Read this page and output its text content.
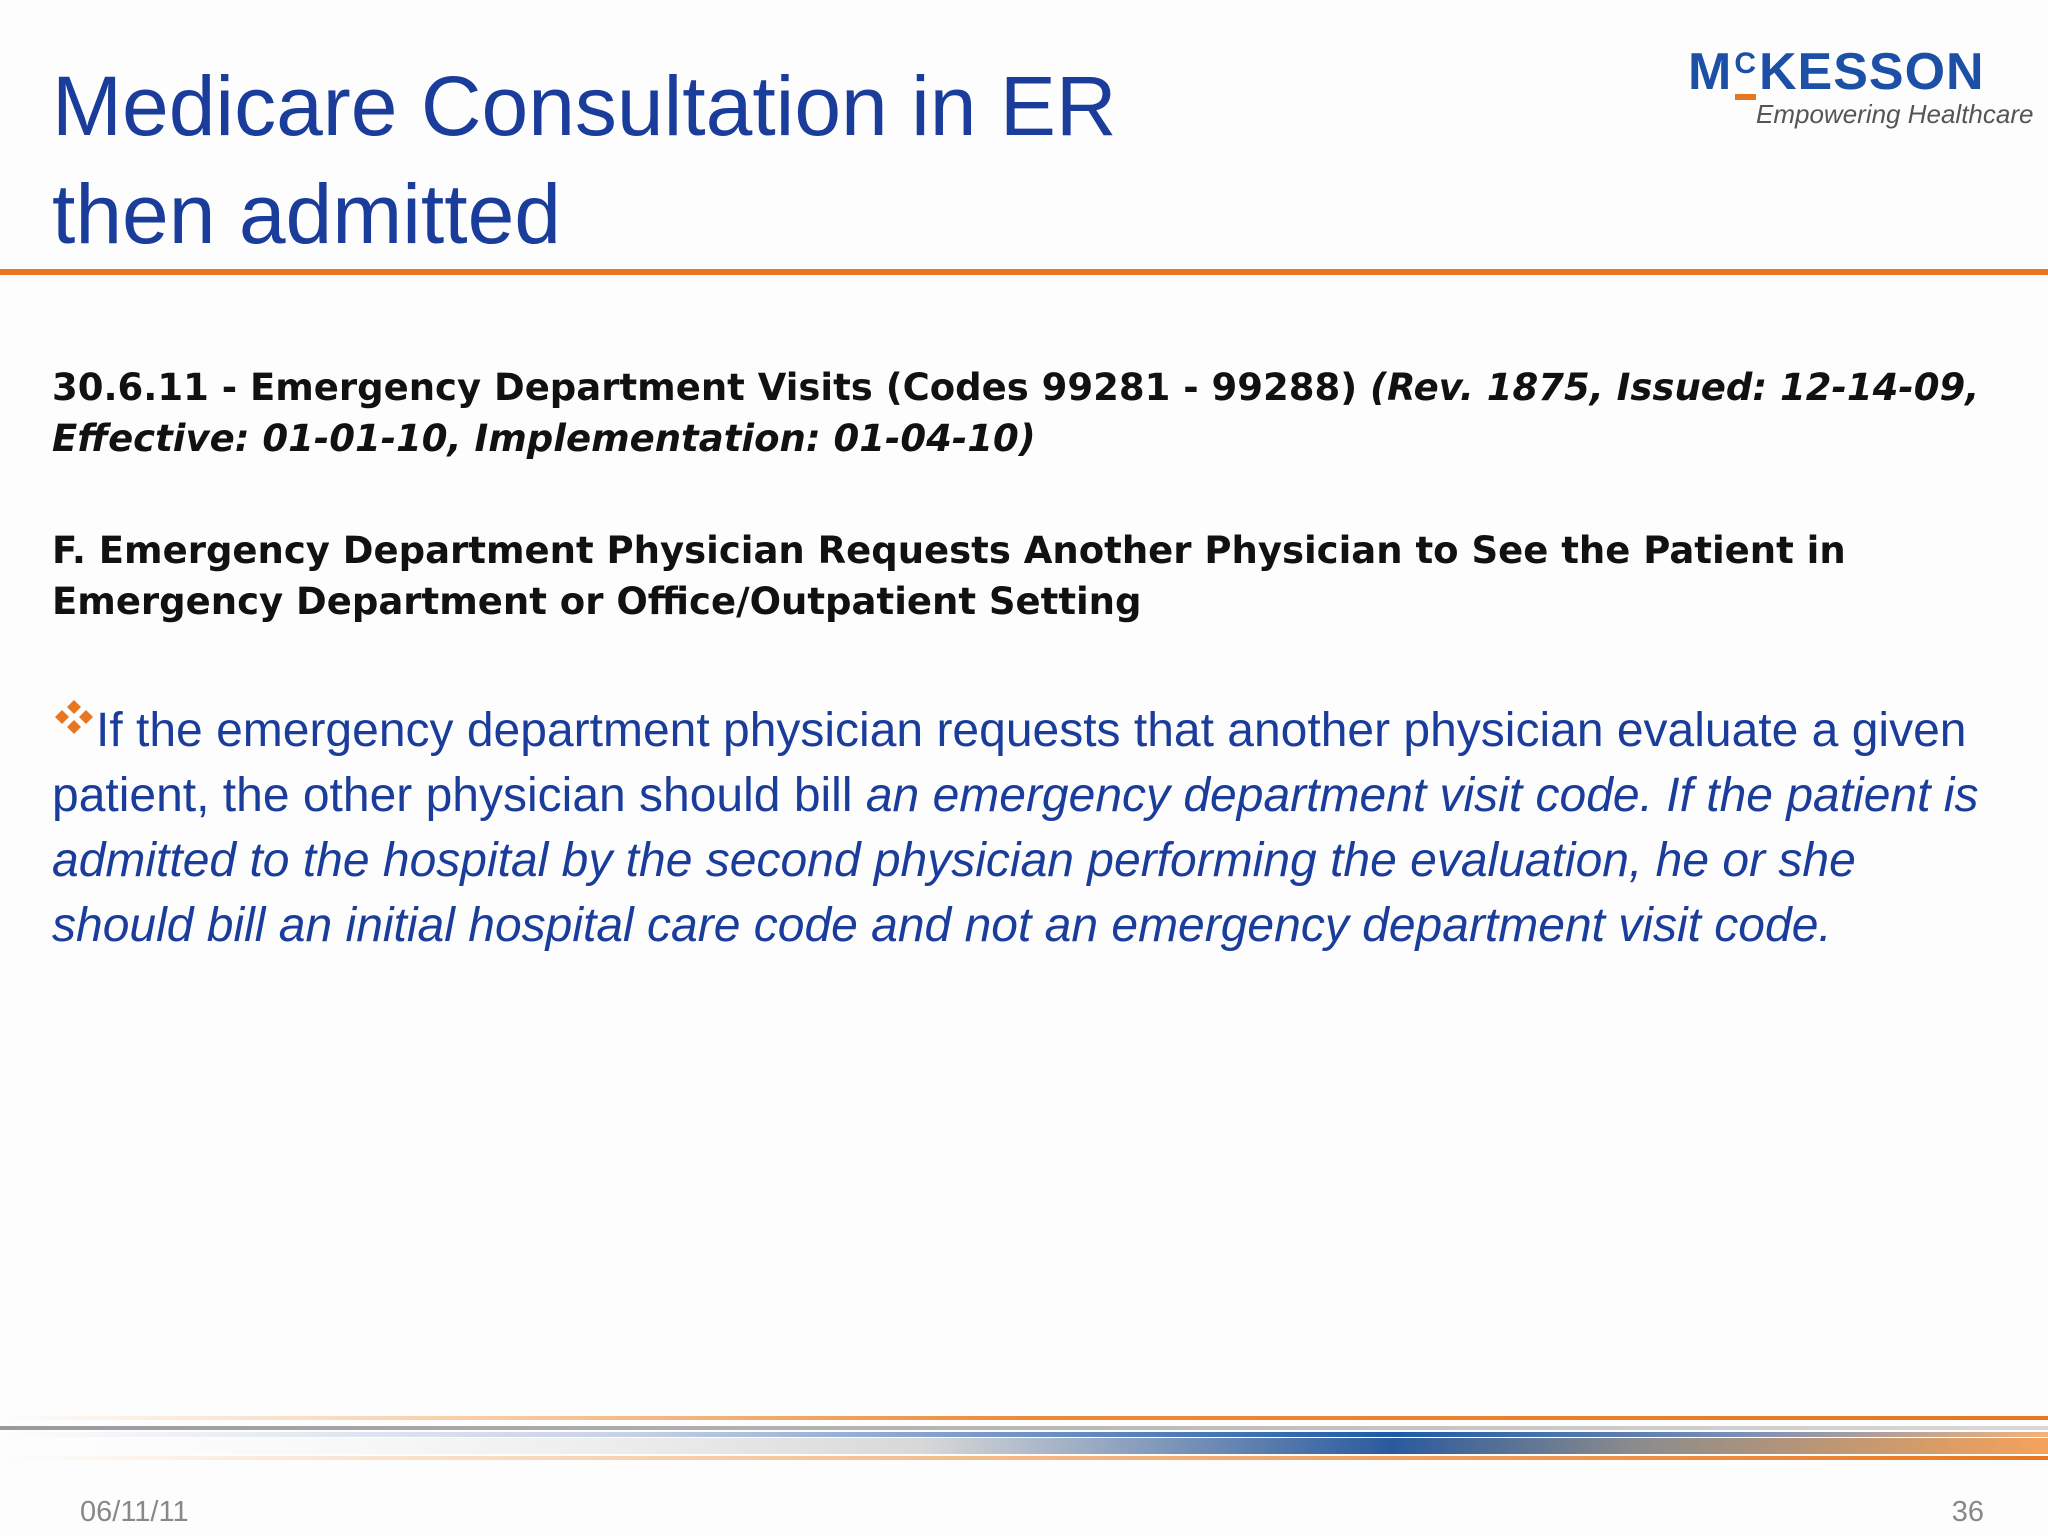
Medicare Consultation in ER
then admitted
MC
KESSON
Empowering Healthcare
30.6.11 - Emergency Department Visits (Codes 99281 - 99288) (Rev. 1875, Issued: 12-14-09,
Effective: 01-01-10, Implementation: 01-04-10)
F. Emergency Department Physician Requests Another Physician to See the Patient in
Emergency Department or Office/Outpatient Setting
If the emergency department physician requests that another physician evaluate a given patient, the other physician should bill an emergency department visit code. If the patient is admitted to the hospital by the second physician performing the evaluation, he or she should bill an initial hospital care code and not an emergency department visit code.
06/11/11	36
